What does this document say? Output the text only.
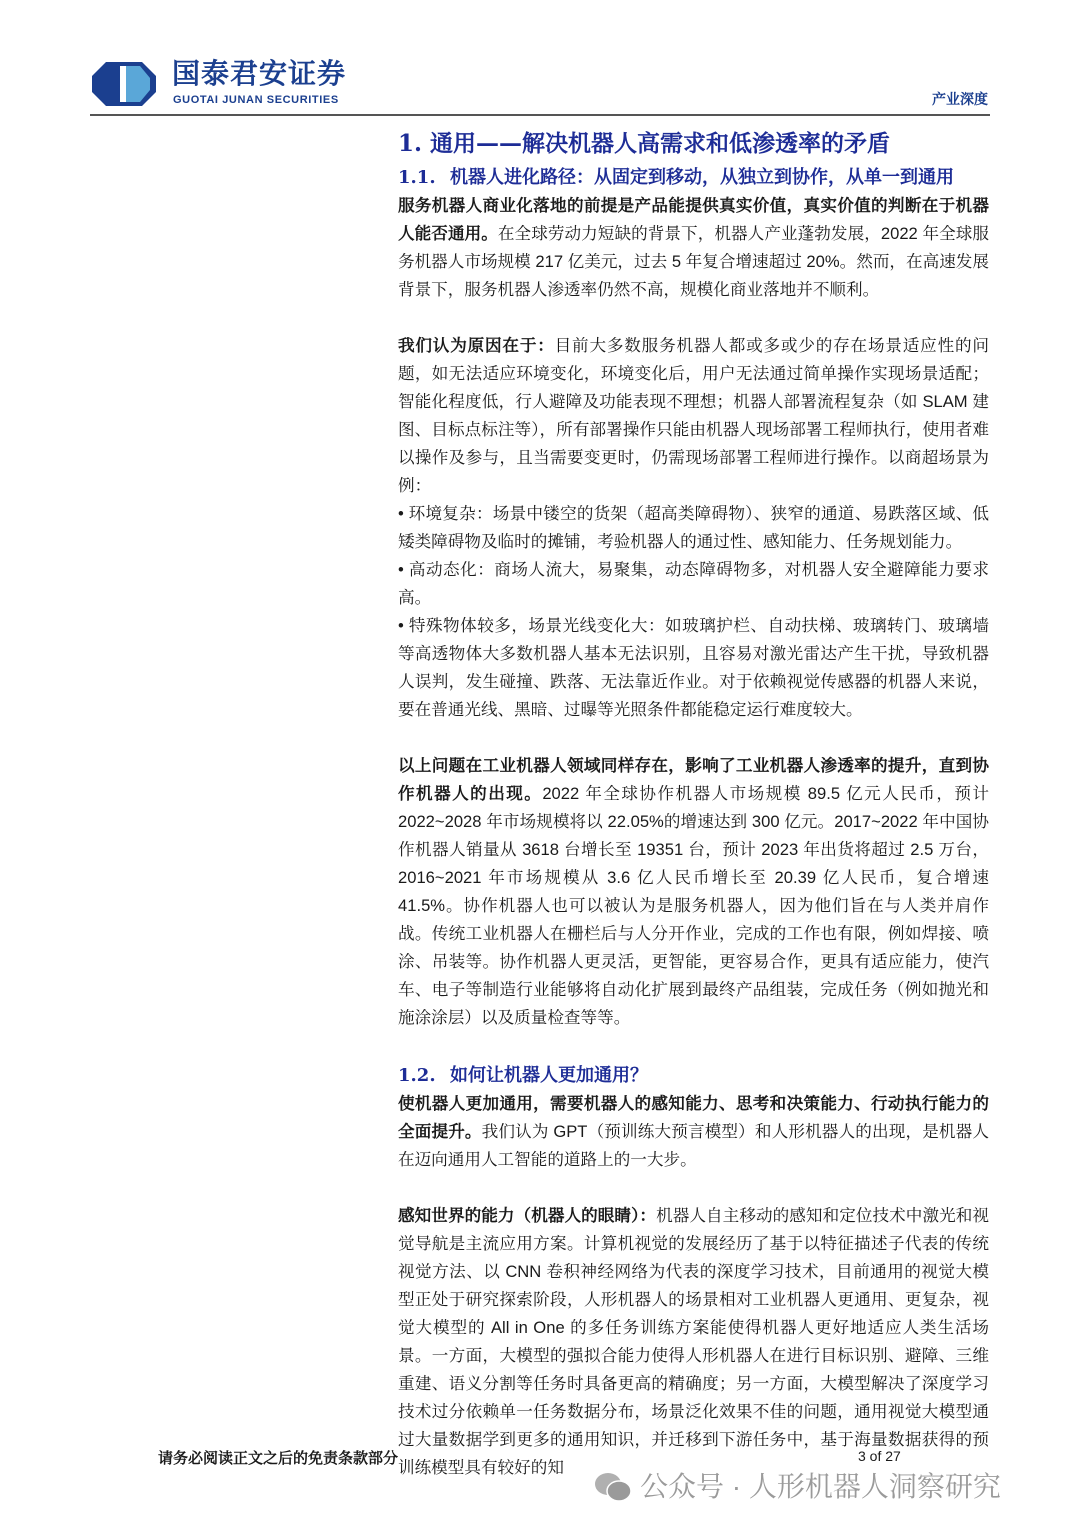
国泰君安证券
GUOTAI JUNAN SECURITIES	产业深度
1. 通用——解决机器人高需求和低渗透率的矛盾
1.1. 机器人进化路径：从固定到移动，从独立到协作，从单一到通用

服务机器人商业化落地的前提是产品能提供真实价值，真实价值的判断在于机器人能否通用。在全球劳动力短缺的背景下，机器人产业蓬勃发展，2022 年全球服务机器人市场规模 217 亿美元，过去 5 年复合增速超过 20%。然而，在高速发展背景下，服务机器人渗透率仍然不高，规模化商业落地并不顺利。

我们认为原因在于：目前大多数服务机器人都或多或少的存在场景适应性的问题，如无法适应环境变化，环境变化后，用户无法通过简单操作实现场景适配；智能化程度低，行人避障及功能表现不理想；机器人部署流程复杂（如 SLAM 建图、目标点标注等），所有部署操作只能由机器人现场部署工程师执行，使用者难以操作及参与，且当需要变更时，仍需现场部署工程师进行操作。以商超场景为例：

• 环境复杂：场景中镂空的货架（超高类障碍物）、狭窄的通道、易跌落区域、低矮类障碍物及临时的摊铺，考验机器人的通过性、感知能力、任务规划能力。

• 高动态化：商场人流大，易聚集，动态障碍物多，对机器人安全避障能力要求高。

• 特殊物体较多，场景光线变化大：如玻璃护栏、自动扶梯、玻璃转门、玻璃墙等高透物体大多数机器人基本无法识别，且容易对激光雷达产生干扰，导致机器人误判，发生碰撞、跌落、无法靠近作业。对于依赖视觉传感器的机器人来说，要在普通光线、黑暗、过曝等光照条件都能稳定运行难度较大。

以上问题在工业机器人领域同样存在，影响了工业机器人渗透率的提升，直到协作机器人的出现。2022 年全球协作机器人市场规模 89.5 亿元人民币，预计 2022~2028 年市场规模将以 22.05%的增速达到 300 亿元。2017~2022 年中国协作机器人销量从 3618 台增长至 19351 台，预计 2023 年出货将超过 2.5 万台，2016~2021 年市场规模从 3.6 亿人民币增长至 20.39 亿人民币，复合增速 41.5%。协作机器人也可以被认为是服务机器人，因为他们旨在与人类并肩作战。传统工业机器人在栅栏后与人分开作业，完成的工作也有限，例如焊接、喷涂、吊装等。协作机器人更灵活，更智能，更容易合作，更具有适应能力，使汽车、电子等制造行业能够将自动化扩展到最终产品组装，完成任务（例如抛光和施涂涂层）以及质量检查等等。

1.2. 如何让机器人更加通用？

使机器人更加通用，需要机器人的感知能力、思考和决策能力、行动执行能力的全面提升。我们认为 GPT（预训练大预言模型）和人形机器人的出现，是机器人在迈向通用人工智能的道路上的一大步。

感知世界的能力（机器人的眼睛）：机器人自主移动的感知和定位技术中激光和视觉导航是主流应用方案。计算机视觉的发展经历了基于以特征描述子代表的传统视觉方法、以 CNN 卷积神经网络为代表的深度学习技术，目前通用的视觉大模型正处于研究探索阶段，人形机器人的场景相对工业机器人更通用、更复杂，视觉大模型的 All in One 的多任务训练方案能使得机器人更好地适应人类生活场景。一方面，大模型的强拟合能力使得人形机器人在进行目标识别、避障、三维重建、语义分割等任务时具备更高的精确度；另一方面，大模型解决了深度学习技术过分依赖单一任务数据分布，场景泛化效果不佳的问题，通用视觉大模型通过大量数据学到更多的通用知识，并迁移到下游任务中，基于海量数据获得的预训练模型具有较好的知

请务必阅读正文之后的免责条款部分	3 of 27
公众号 · 人形机器人洞察研究
